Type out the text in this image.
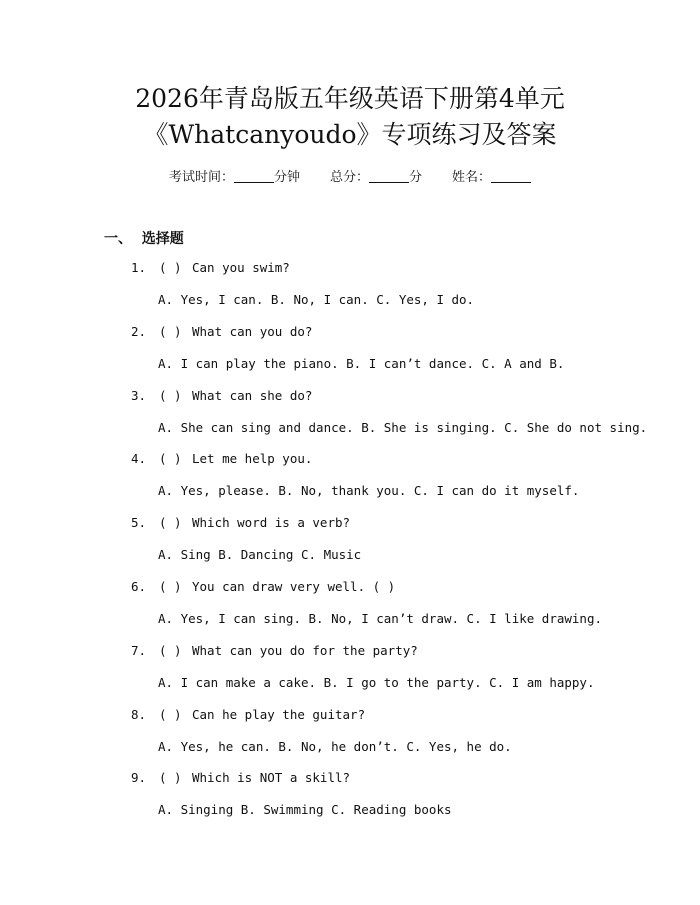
2026年青岛版五年级英语下册第4单元
《Whatcanyoudo》专项练习及答案
考试时间：	分钟 总分：	分 姓名：
一、  选择题
1. ( ) Can you swim?
A. Yes, I can. B. No, I can. C. Yes, I do.
2. ( ) What can you do?
A. I can play the piano. B. I can’t dance. C. A and B.
3. ( ) What can she do?
A. She can sing and dance. B. She is singing. C. She do not sing.
4. ( ) Let me help you.
A. Yes, please. B. No, thank you. C. I can do it myself.
5. ( ) Which word is a verb?
A. Sing B. Dancing C. Music
6. ( ) You can draw very well. ( )
A. Yes, I can sing. B. No, I can’t draw. C. I like drawing.
7. ( ) What can you do for the party?
A. I can make a cake. B. I go to the party. C. I am happy.
8. ( ) Can he play the guitar?
A. Yes, he can. B. No, he don’t. C. Yes, he do.
9. ( ) Which is NOT a skill?
A. Singing B. Swimming C. Reading books
